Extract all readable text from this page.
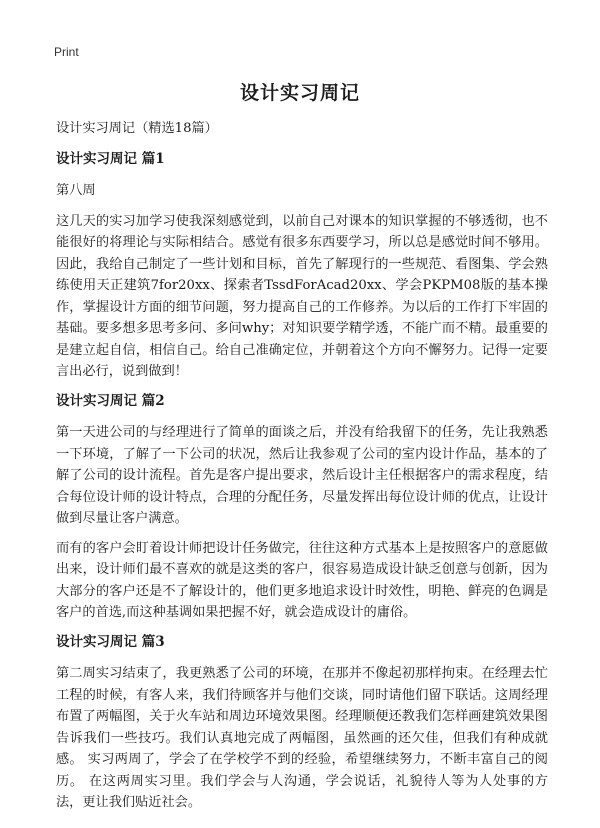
Print
设计实习周记

设计实习周记（精选18篇）

设计实习周记 篇1

第八周

这几天的实习加学习使我深刻感觉到，以前自己对课本的知识掌握的不够透彻，也不能很好的将理论与实际相结合。感觉有很多东西要学习，所以总是感觉时间不够用。因此，我给自己制定了一些计划和目标，首先了解现行的一些规范、看图集、学会熟练使用天正建筑7for20xx、探索者TssdForAcad20xx、学会PKPM08版的基本操作，掌握设计方面的细节问题，努力提高自己的工作修养。为以后的工作打下牢固的基础。要多想多思考多问、多问why；对知识要学精学透，不能广而不精。最重要的是建立起自信，相信自己。给自己准确定位，并朝着这个方向不懈努力。记得一定要言出必行，说到做到！

设计实习周记 篇2

第一天进公司的与经理进行了简单的面谈之后，并没有给我留下的任务，先让我熟悉一下环境，了解了一下公司的状况，然后让我参观了公司的室内设计作品，基本的了解了公司的设计流程。首先是客户提出要求，然后设计主任根据客户的需求程度，结合每位设计师的设计特点，合理的分配任务，尽量发挥出每位设计师的优点，让设计做到尽量让客户满意。

而有的客户会盯着设计师把设计任务做完，往往这种方式基本上是按照客户的意愿做出来，设计师们最不喜欢的就是这类的客户，很容易造成设计缺乏创意与创新，因为大部分的客户还是不了解设计的，他们更多地追求设计时效性，明艳、鲜亮的色调是客户的首选,而这种基调如果把握不好，就会造成设计的庸俗。

设计实习周记 篇3

第二周实习结束了，我更熟悉了公司的环境，在那并不像起初那样拘束。在经理去忙工程的时候，有客人来，我们待顾客并与他们交谈，同时请他们留下联话。这周经理布置了两幅图，关于火车站和周边环境效果图。经理顺便还教我们怎样画建筑效果图告诉我们一些技巧。我们认真地完成了两幅图，虽然画的还欠佳，但我们有种成就感。 实习两周了，学会了在学校学不到的经验，希望继续努力，不断丰富自己的阅历。 在这两周实习里。我们学会与人沟通，学会说话，礼貌待人等为人处事的方法，更让我们贴近社会。
